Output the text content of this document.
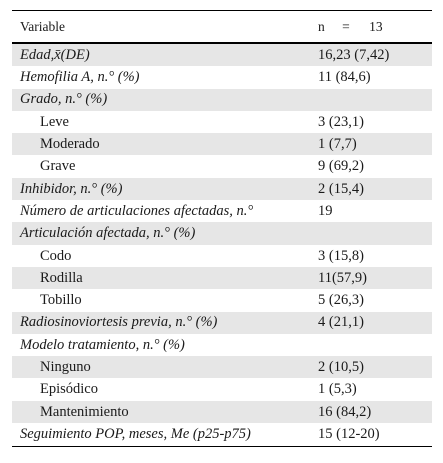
Variable	n = 13
Edad,x̄(DE)	16,23 (7,42)
Hemofilia A, n.° (%)	11 (84,6)
Grado, n.° (%)	
Leve	3 (23,1)
Moderado	1 (7,7)
Grave	9 (69,2)
Inhibidor, n.° (%)	2 (15,4)
Número de articulaciones afectadas, n.°	19
Articulación afectada, n.° (%)	
Codo	3 (15,8)
Rodilla	11(57,9)
Tobillo	5 (26,3)
Radiosinoviortesis previa, n.° (%)	4 (21,1)
Modelo tratamiento, n.° (%)	
Ninguno	2 (10,5)
Episódico	1 (5,3)
Mantenimiento	16 (84,2)
Seguimiento POP, meses, Me (p25-p75)	15 (12-20)
